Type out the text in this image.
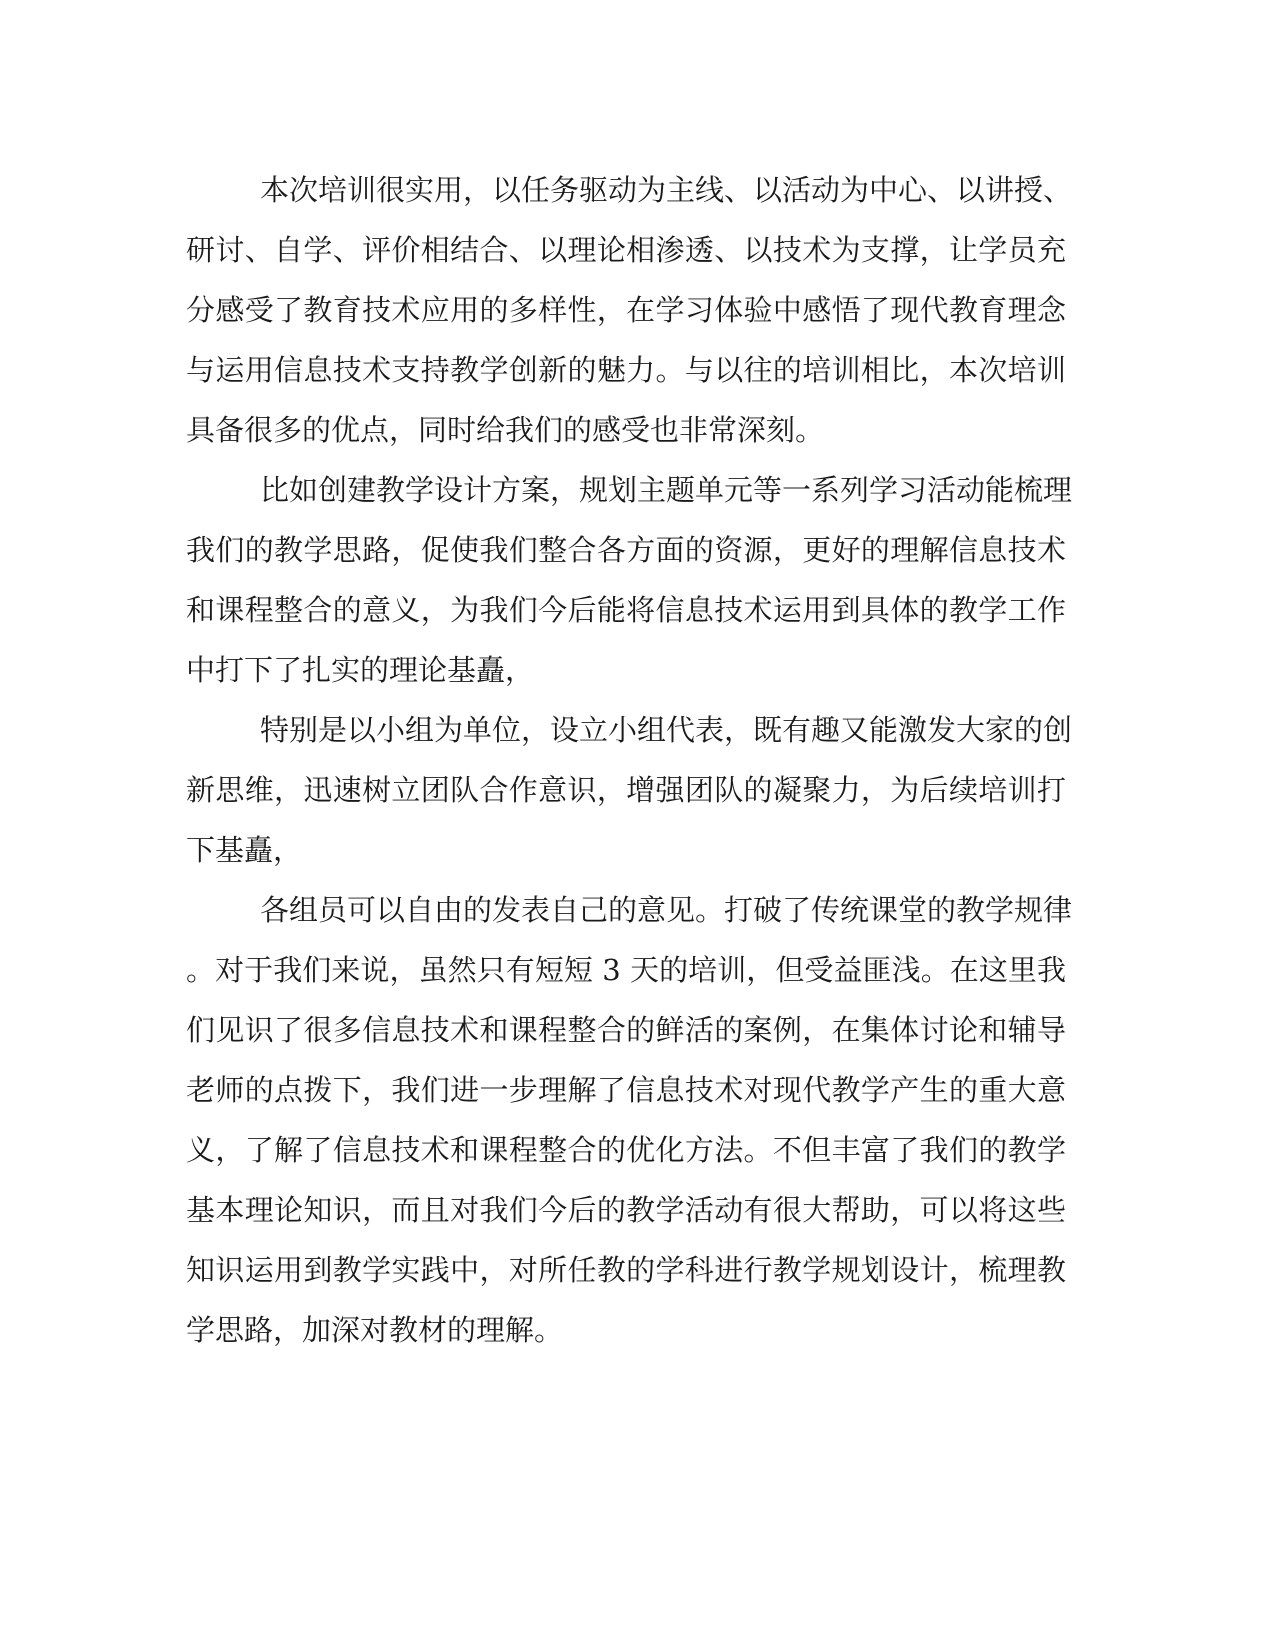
本次培训很实用，以任务驱动为主线、以活动为中心、以讲授、
研讨、自学、评价相结合、以理论相渗透、以技术为支撑，让学员充
分感受了教育技术应用的多样性，在学习体验中感悟了现代教育理念
与运用信息技术支持教学创新的魅力。与以往的培训相比，本次培训
具备很多的优点，同时给我们的感受也非常深刻。
比如创建教学设计方案，规划主题单元等一系列学习活动能梳理
我们的教学思路，促使我们整合各方面的资源，更好的理解信息技术
和课程整合的意义，为我们今后能将信息技术运用到具体的教学工作
中打下了扎实的理论基矗，
特别是以小组为单位，设立小组代表，既有趣又能激发大家的创
新思维，迅速树立团队合作意识，增强团队的凝聚力，为后续培训打
下基矗，
各组员可以自由的发表自己的意见。打破了传统课堂的教学规律
。对于我们来说，虽然只有短短 3 天的培训，但受益匪浅。在这里我
们见识了很多信息技术和课程整合的鲜活的案例，在集体讨论和辅导
老师的点拨下，我们进一步理解了信息技术对现代教学产生的重大意
义，了解了信息技术和课程整合的优化方法。不但丰富了我们的教学
基本理论知识，而且对我们今后的教学活动有很大帮助，可以将这些
知识运用到教学实践中，对所任教的学科进行教学规划设计，梳理教
学思路，加深对教材的理解。
